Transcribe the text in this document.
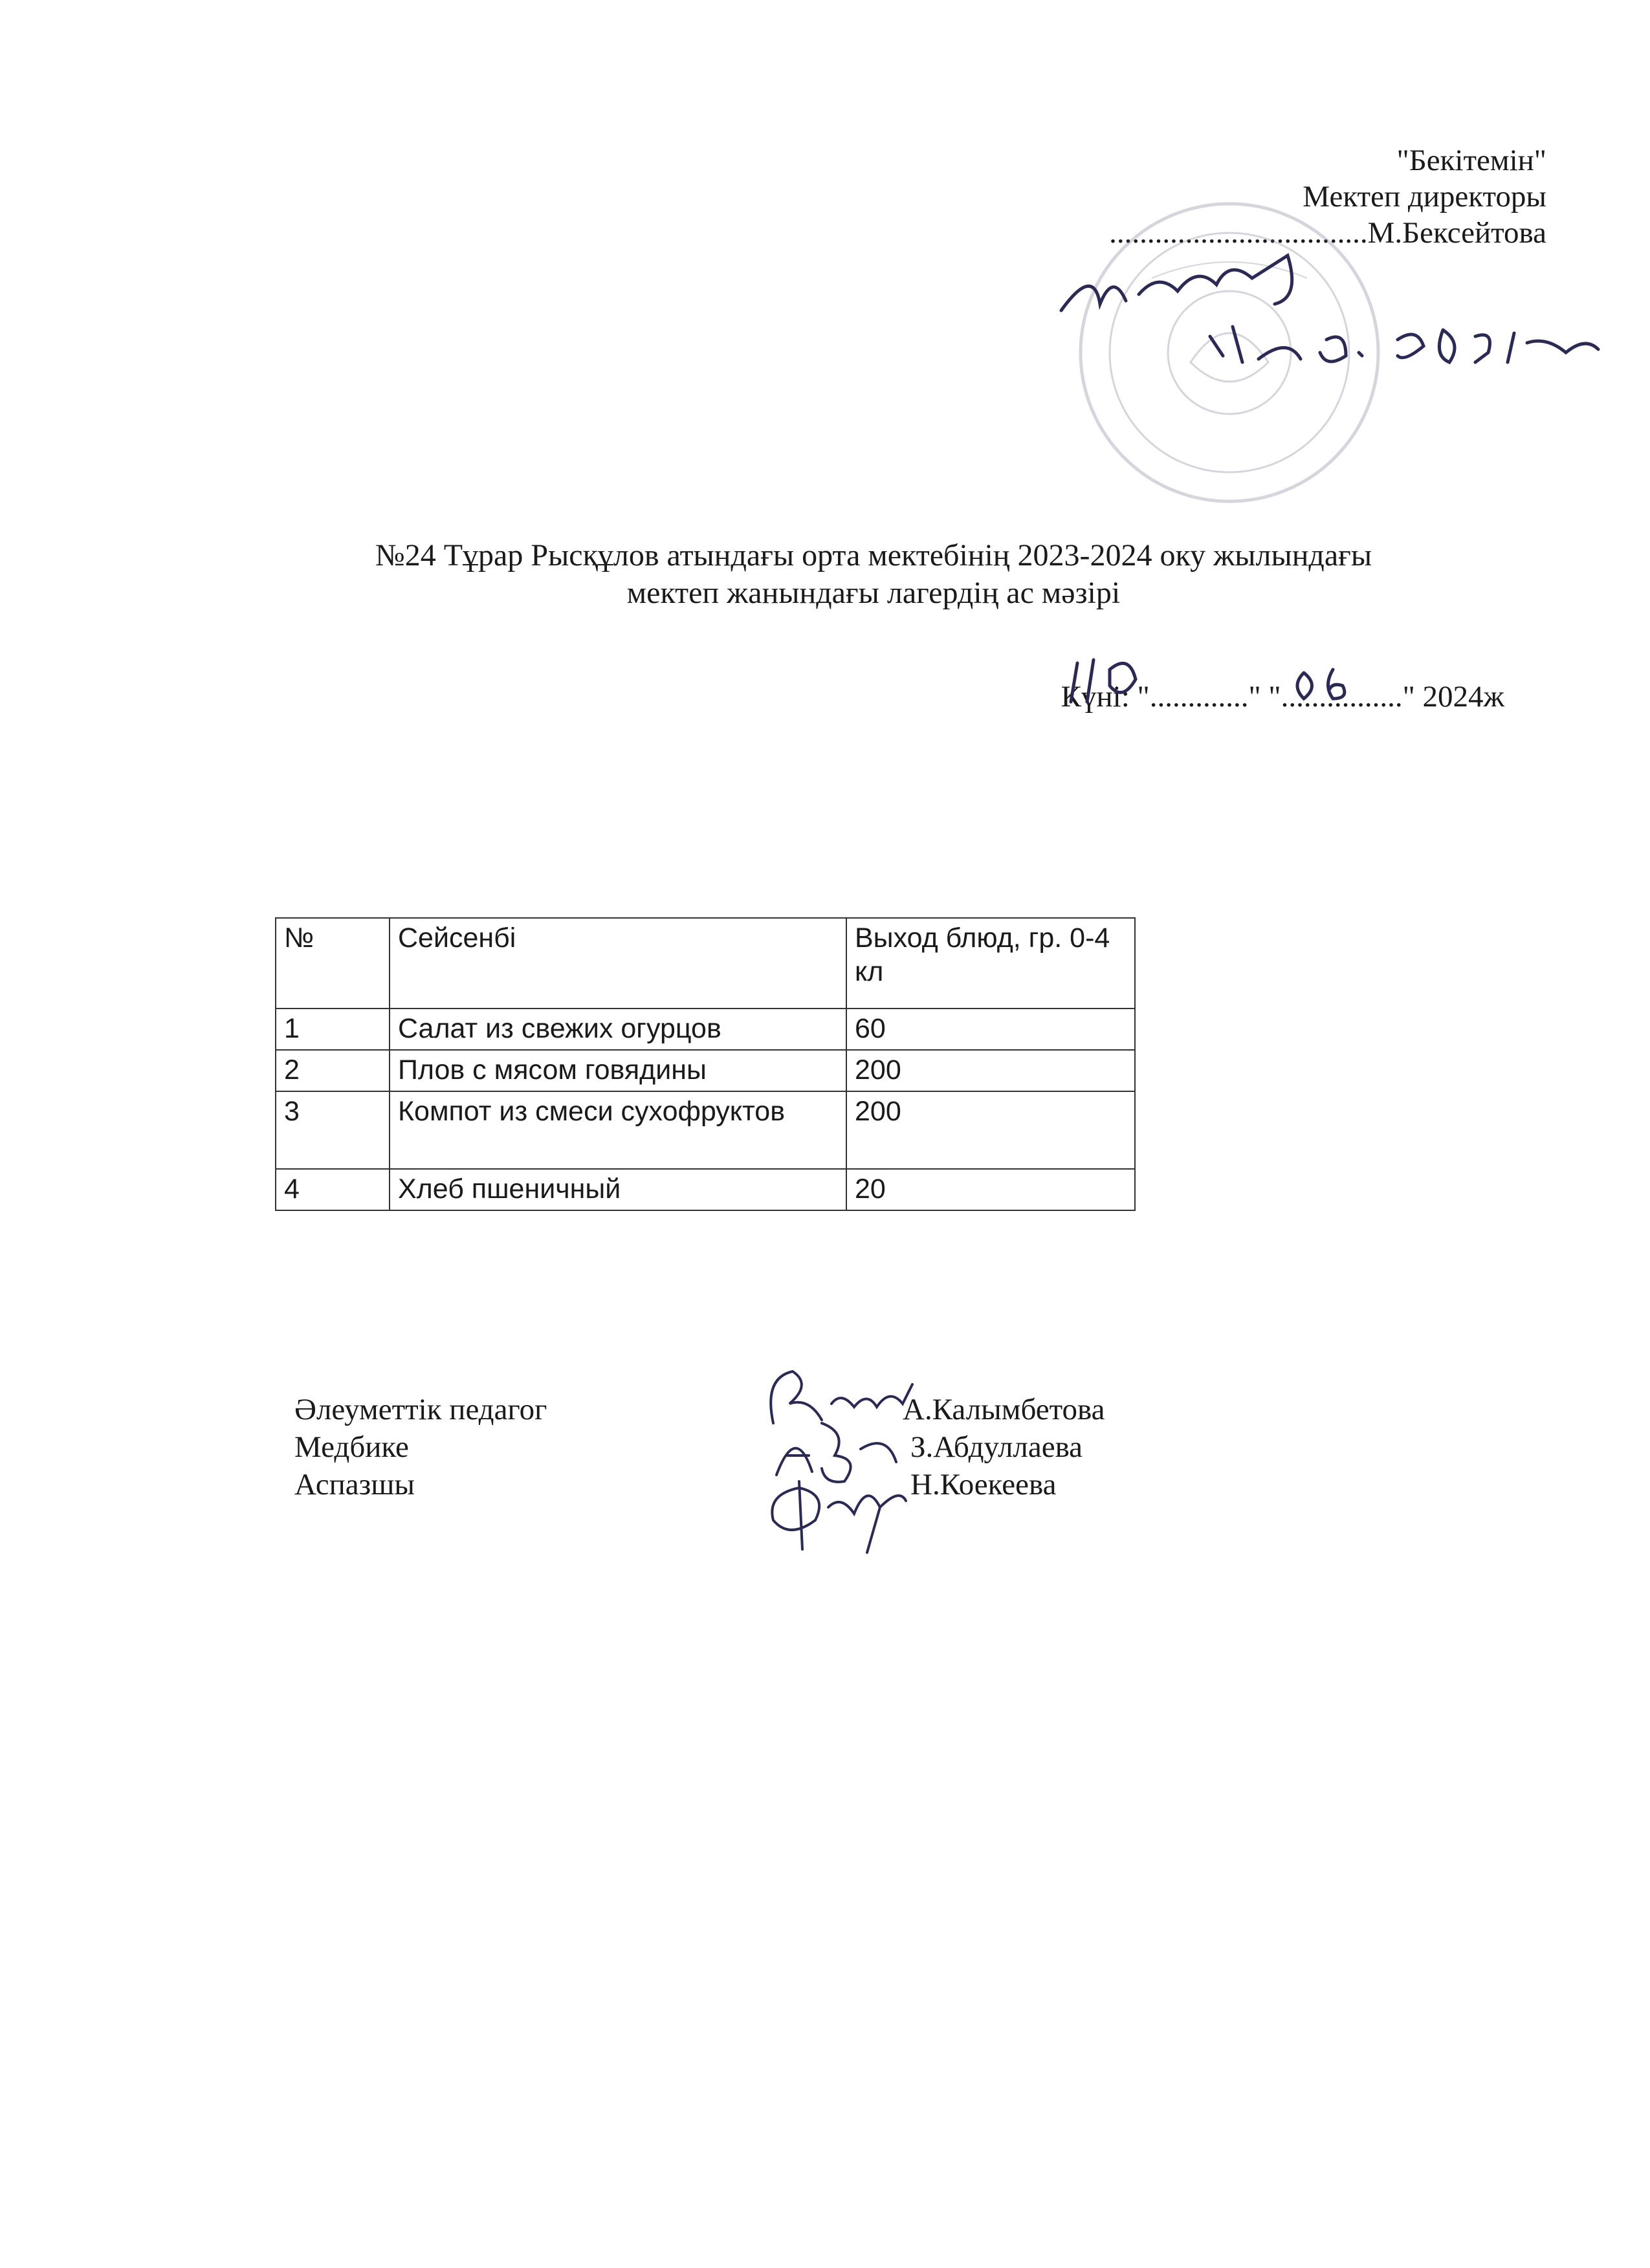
"Бекітемін"
Мектеп директоры
..................................М.Бексейтова
№24 Тұрар Рысқұлов атындағы орта мектебінің 2023-2024 оку жылындағы
мектеп жанындағы лагердің ас мәзірі
Күні: "............." "................" 2024ж
№	Сейсенбі	Выход блюд, гр. 0-4 кл
1	Салат из свежих огурцов	60
2	Плов с мясом говядины	200
3	Компот из смеси сухофруктов	200
4	Хлеб пшеничный	20
Әлеуметтік педагог
Медбике
Аспазшы
А.Калымбетова
З.Абдуллаева
Н.Коекеева
